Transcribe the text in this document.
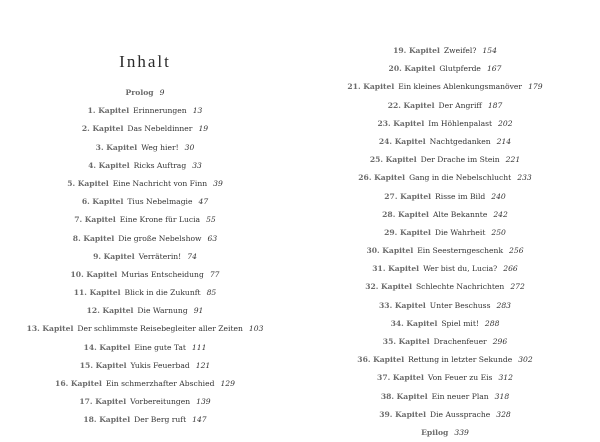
Inhalt
Prolog 9
1. Kapitel Erinnerungen 13
2. Kapitel Das Nebeldinner 19
3. Kapitel Weg hier! 30
4. Kapitel Ricks Auftrag 33
5. Kapitel Eine Nachricht von Finn 39
6. Kapitel Tius Nebelmagie 47
7. Kapitel Eine Krone für Lucia 55
8. Kapitel Die große Nebelshow 63
9. Kapitel Verräterin! 74
10. Kapitel Murias Entscheidung 77
11. Kapitel Blick in die Zukunft 85
12. Kapitel Die Warnung 91
13. Kapitel Der schlimmste Reisebegleiter aller Zeiten 103
14. Kapitel Eine gute Tat 111
15. Kapitel Yukis Feuerbad 121
16. Kapitel Ein schmerzhafter Abschied 129
17. Kapitel Vorbereitungen 139
18. Kapitel Der Berg ruft 147
19. Kapitel Zweifel? 154
20. Kapitel Glutpferde 167
21. Kapitel Ein kleines Ablenkungsmanöver 179
22. Kapitel Der Angriff 187
23. Kapitel Im Höhlenpalast 202
24. Kapitel Nachtgedanken 214
25. Kapitel Der Drache im Stein 221
26. Kapitel Gang in die Nebelschlucht 233
27. Kapitel Risse im Bild 240
28. Kapitel Alte Bekannte 242
29. Kapitel Die Wahrheit 250
30. Kapitel Ein Seesterngeschenk 256
31. Kapitel Wer bist du, Lucia? 266
32. Kapitel Schlechte Nachrichten 272
33. Kapitel Unter Beschuss 283
34. Kapitel Spiel mit! 288
35. Kapitel Drachenfeuer 296
36. Kapitel Rettung in letzter Sekunde 302
37. Kapitel Von Feuer zu Eis 312
38. Kapitel Ein neuer Plan 318
39. Kapitel Die Aussprache 328
Epilog 339
